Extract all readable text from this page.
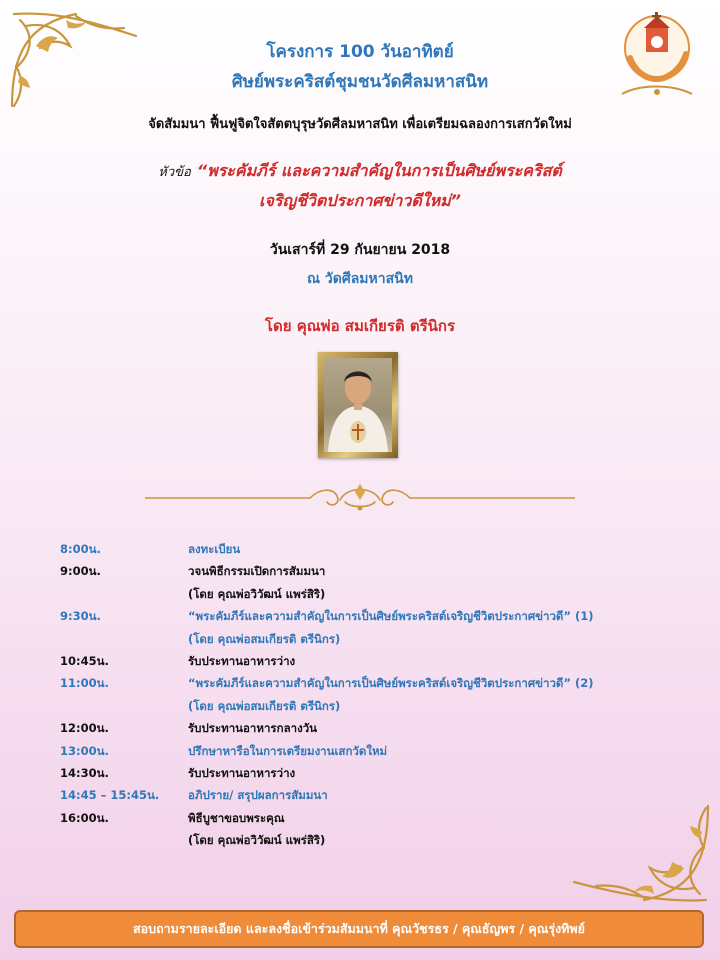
โครงการ 100 วันอาทิตย์
ศิษย์พระคริสต์ชุมชนวัดศีลมหาสนิท
จัดสัมมนา ฟื้นฟูจิตใจสัตตบุรุษวัดศีลมหาสนิท เพื่อเตรียมฉลองการเสกวัดใหม่
หัวข้อ “พระคัมภีร์ และความสำคัญในการเป็นศิษย์พระคริสต์
เจริญชีวิตประกาศข่าวดีใหม่”
วันเสาร์ที่ 29 กันยายน 2018
ณ วัดศีลมหาสนิท
โดย คุณพ่อ สมเกียรติ ตรีนิกร
8:00น.	ลงทะเบียน
9:00น.	วจนพิธีกรรมเปิดการสัมมนา
(โดย คุณพ่อวิวัฒน์ แพร่สิริ)
9:30น.	“พระคัมภีร์และความสำคัญในการเป็นศิษย์พระคริสต์เจริญชีวิตประกาศข่าวดี” (1)
(โดย คุณพ่อสมเกียรติ ตรีนิกร)
10:45น.	รับประทานอาหารว่าง
11:00น.	“พระคัมภีร์และความสำคัญในการเป็นศิษย์พระคริสต์เจริญชีวิตประกาศข่าวดี” (2)
(โดย คุณพ่อสมเกียรติ ตรีนิกร)
12:00น.	รับประทานอาหารกลางวัน
13:00น.	ปรึกษาหารือในการเตรียมงานเสกวัดใหม่
14:30น.	รับประทานอาหารว่าง
14:45 – 15:45น.	อภิปราย/ สรุปผลการสัมมนา
16:00น.	พิธีบูชาขอบพระคุณ
(โดย คุณพ่อวิวัฒน์ แพร่สิริ)
สอบถามรายละเอียด และลงชื่อเข้าร่วมสัมมนาที่ คุณวัชรธร / คุณธัญพร / คุณรุ่งทิพย์
